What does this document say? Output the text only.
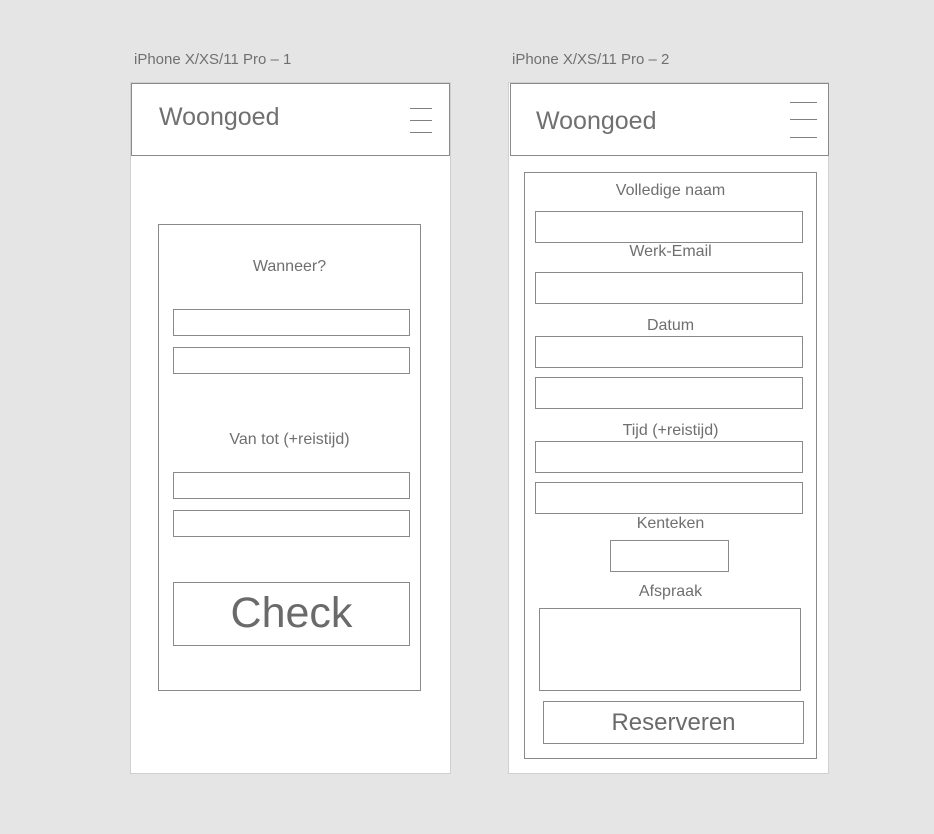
iPhone X/XS/11 Pro – 1
Woongoed
Wanneer?
Van tot (+reistijd)
Check
iPhone X/XS/11 Pro – 2
Woongoed
Volledige naam
Werk-Email
Datum
Tijd (+reistijd)
Kenteken
Afspraak
Reserveren
